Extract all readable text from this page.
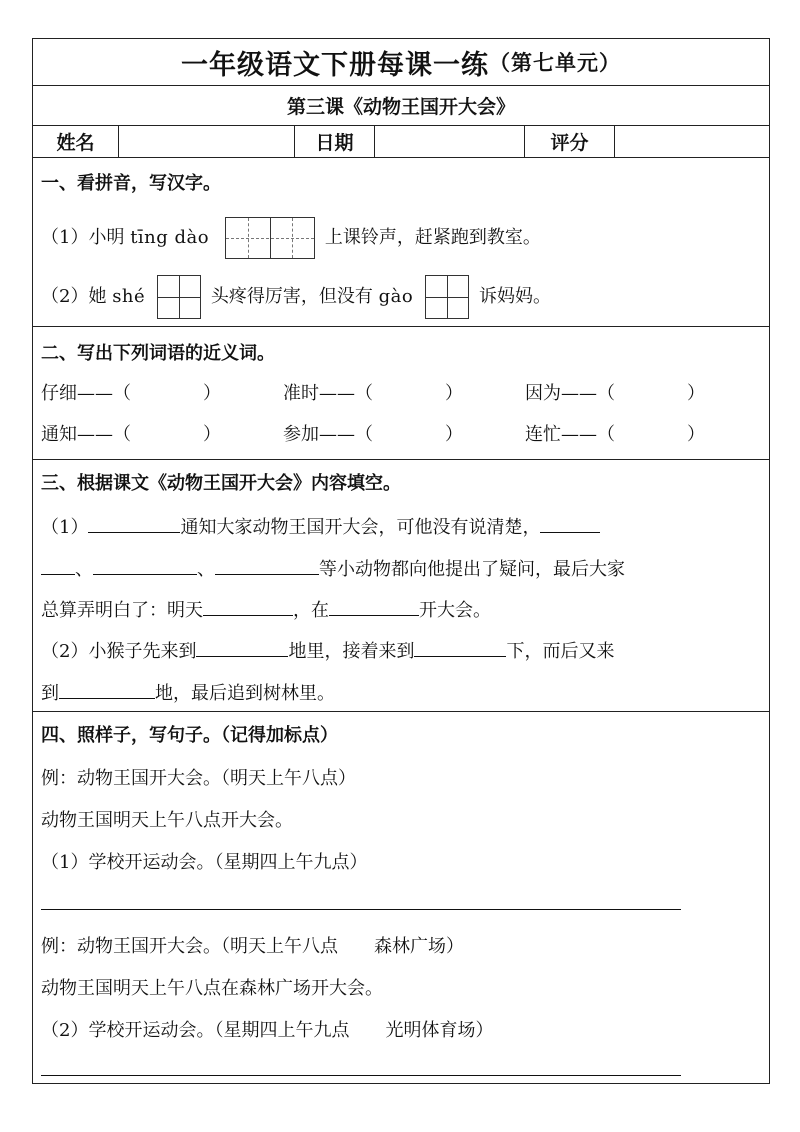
一年级语文下册每课一练 （第七单元）
第三课《动物王国开大会》
姓名	日期	评分
一、看拼音，写汉字。
（1）小明 tīng dào	上课铃声，赶紧跑到教室。
（2）她 shé	头疼得厉害，但没有 gào	诉妈妈。
二、写出下列词语的近义词。
仔细——（　　　　）	准时——（　　　　）	因为——（　　　　）
通知——（　　　　）	参加——（　　　　）	连忙——（　　　　）
三、根据课文《动物王国开大会》内容填空。
（1）	通知大家动物王国开大会，可他没有说清楚，
、	、	等小动物都向他提出了疑问，最后大家
总算弄明白了：明天	，在	开大会。
（2）小猴子先来到	地里，接着来到	下，而后又来
到	地，最后追到树林里。
四、照样子，写句子。（记得加标点）
例：动物王国开大会。（明天上午八点）
动物王国明天上午八点开大会。
（1）学校开运动会。（星期四上午九点）
例：动物王国开大会。（明天上午八点　　森林广场）
动物王国明天上午八点在森林广场开大会。
（2）学校开运动会。（星期四上午九点　　光明体育场）
